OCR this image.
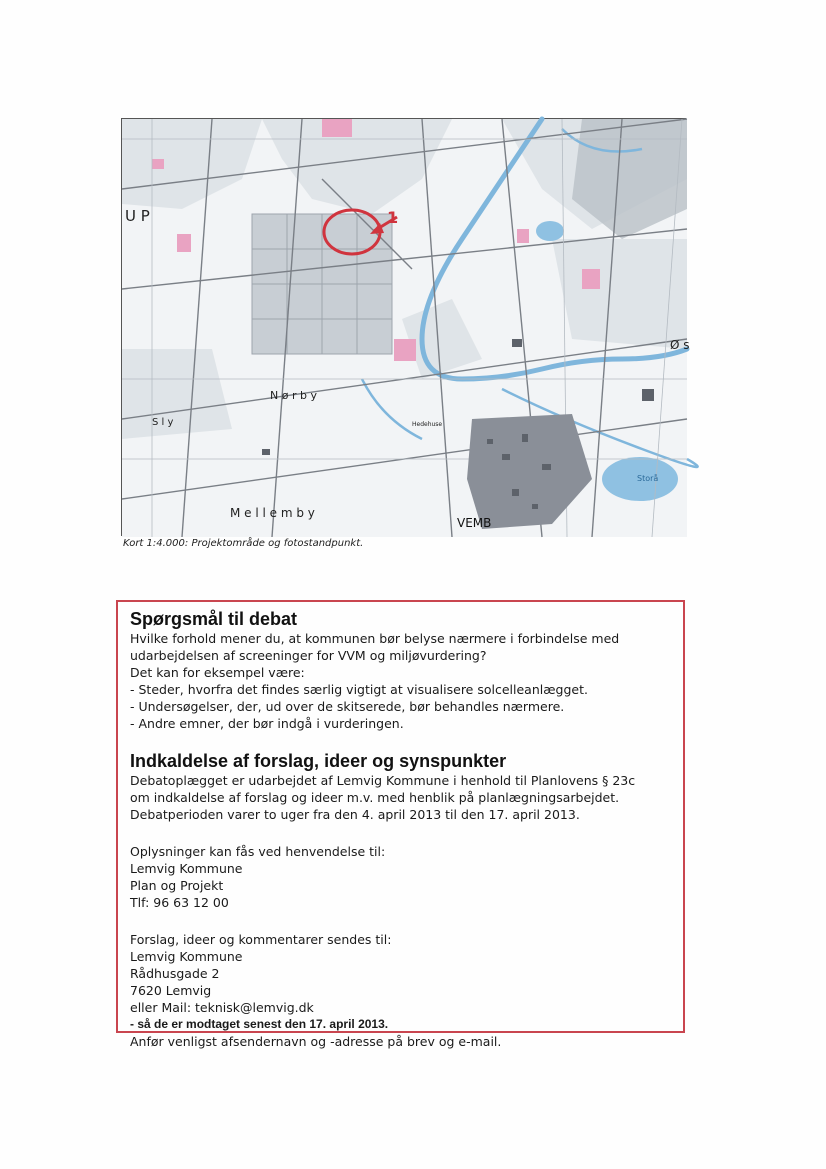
U P	1
N ø r b y
S l y
M e l l e m b y
VEMB
Ø s
Hedehuse
Storå
Kort 1:4.000: Projektområde og fotostandpunkt.
Spørgsmål til debat

Hvilke forhold mener du, at kommunen bør belyse nærmere i forbindelse med

udarbejdelsen af screeninger for VVM og miljøvurdering?

Det kan for eksempel være:

- Steder, hvorfra det findes særlig vigtigt at visualisere solcelleanlægget.

- Undersøgelser, der, ud over de skitserede, bør behandles nærmere.

- Andre emner, der bør indgå i vurderingen.

Indkaldelse af forslag, ideer og synspunkter

Debatoplægget er udarbejdet af Lemvig Kommune i henhold til Planlovens § 23c

om indkaldelse af forslag og ideer m.v. med henblik på planlægningsarbejdet.

Debatperioden varer to uger fra den 4. april 2013 til den 17. april 2013.

Oplysninger kan fås ved henvendelse til:

Lemvig Kommune

Plan og Projekt

Tlf: 96 63 12 00

Forslag, ideer og kommentarer sendes til:

Lemvig Kommune

Rådhusgade 2

7620 Lemvig

eller Mail: teknisk@lemvig.dk

- så de er modtaget senest den 17. april 2013.

Anfør venligst afsendernavn og -adresse på brev og e-mail.
